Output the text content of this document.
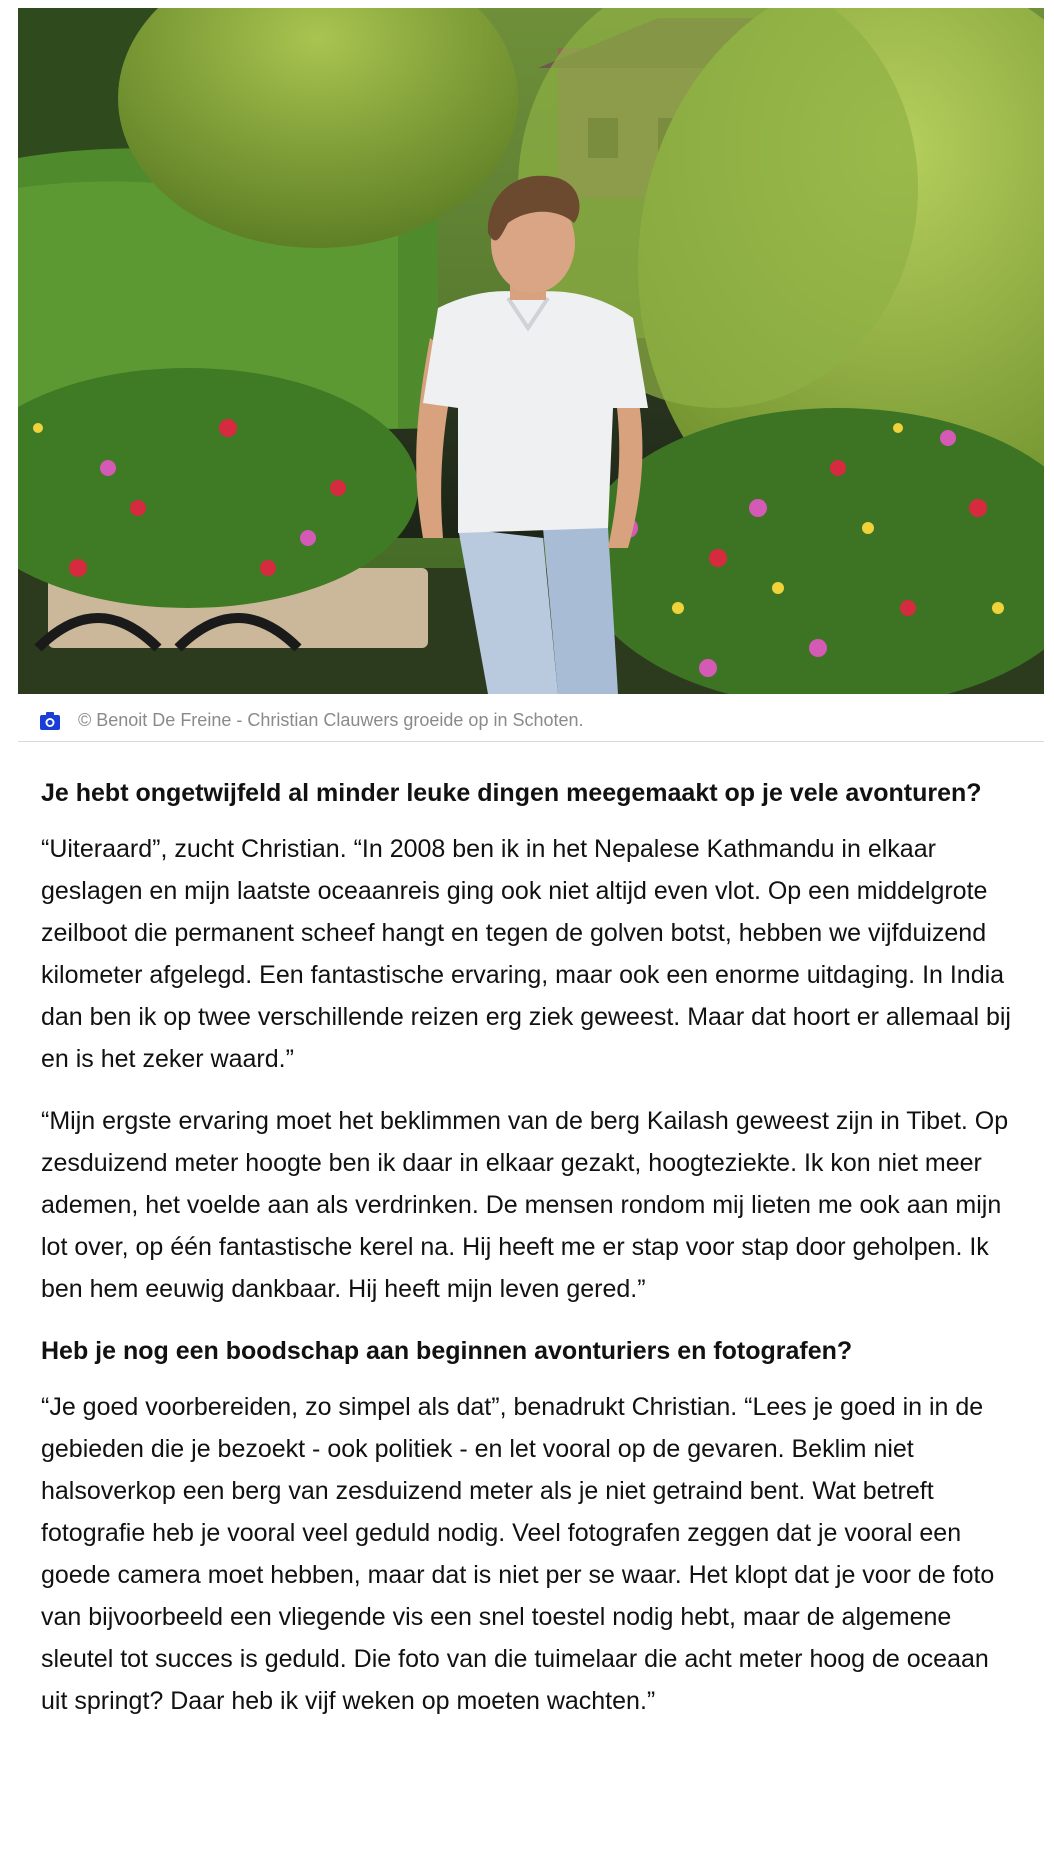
© Benoit De Freine - Christian Clauwers groeide op in Schoten.
Je hebt ongetwijfeld al minder leuke dingen meegemaakt op je vele avonturen?

“Uiteraard”, zucht Christian. “In 2008 ben ik in het Nepalese Kathmandu in elkaar geslagen en mijn laatste oceaanreis ging ook niet altijd even vlot. Op een middelgrote zeilboot die permanent scheef hangt en tegen de golven botst, hebben we vijfduizend kilometer afgelegd. Een fantastische ervaring, maar ook een enorme uitdaging. In India dan ben ik op twee verschillende reizen erg ziek geweest. Maar dat hoort er allemaal bij en is het zeker waard.”

“Mijn ergste ervaring moet het beklimmen van de berg Kailash geweest zijn in Tibet. Op zesduizend meter hoogte ben ik daar in elkaar gezakt, hoogteziekte. Ik kon niet meer ademen, het voelde aan als verdrinken. De mensen rondom mij lieten me ook aan mijn lot over, op één fantastische kerel na. Hij heeft me er stap voor stap door geholpen. Ik ben hem eeuwig dankbaar. Hij heeft mijn leven gered.”

Heb je nog een boodschap aan beginnen avonturiers en fotografen?

“Je goed voorbereiden, zo simpel als dat”, benadrukt Christian. “Lees je goed in in de gebieden die je bezoekt - ook politiek - en let vooral op de gevaren. Beklim niet halsoverkop een berg van zesduizend meter als je niet getraind bent. Wat betreft fotografie heb je vooral veel geduld nodig. Veel fotografen zeggen dat je vooral een goede camera moet hebben, maar dat is niet per se waar. Het klopt dat je voor de foto van bijvoorbeeld een vliegende vis een snel toestel nodig hebt, maar de algemene sleutel tot succes is geduld. Die foto van die tuimelaar die acht meter hoog de oceaan uit springt? Daar heb ik vijf weken op moeten wachten.”
